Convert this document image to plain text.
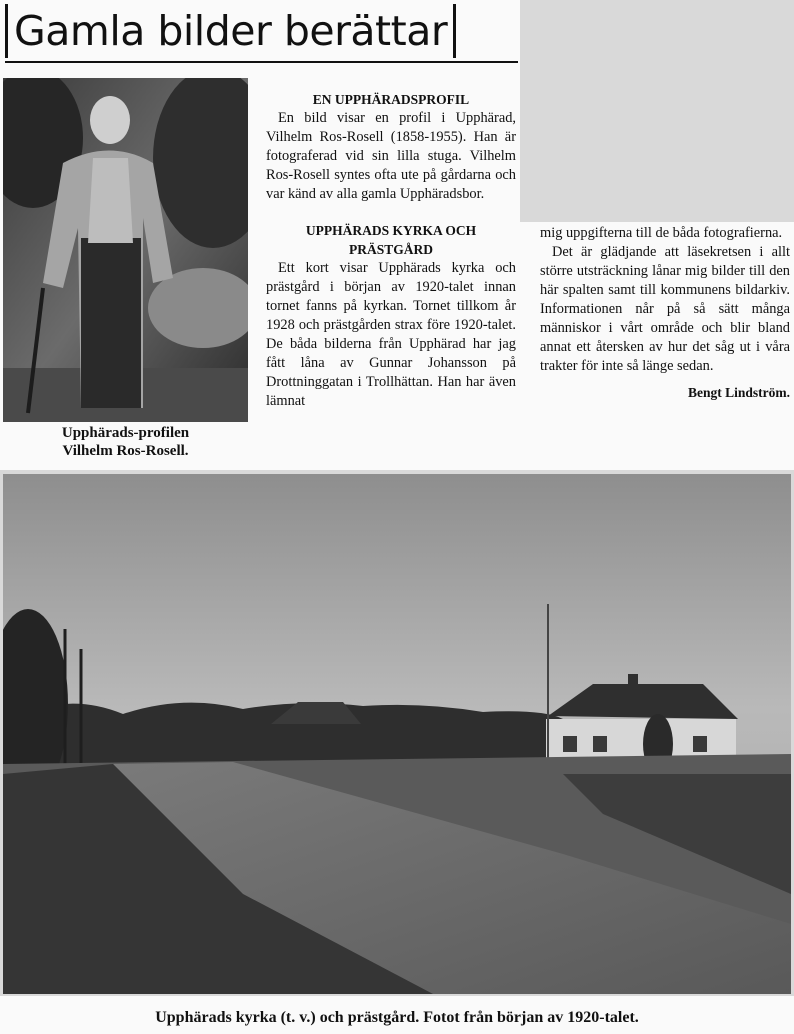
Gamla bilder berättar
Upphärads-profilen
Vilhelm Ros-Rosell.

EN UPPHÄRADSPROFIL

En bild visar en profil i Upphärad, Vilhelm Ros-Rosell (1858-1955). Han är fotograferad vid sin lilla stuga. Vilhelm Ros-Rosell syntes ofta ute på gårdarna och var känd av alla gamla Upphäradsbor.

UPPHÄRADS KYRKA OCH PRÄSTGÅRD

Ett kort visar Upphärads kyrka och prästgård i början av 1920-talet innan tornet fanns på kyrkan. Tornet tillkom år 1928 och prästgården strax före 1920-talet. De båda bilderna från Upphärad har jag fått låna av Gunnar Johansson på Drottninggatan i Trollhättan. Han har även lämnat

mig uppgifterna till de båda fotografierna.

Det är glädjande att läsekretsen i allt större utsträckning lånar mig bilder till den här spalten samt till kommunens bildarkiv. Informationen når på så sätt många människor i vårt område och blir bland annat ett återsken av hur det såg ut i våra trakter för inte så länge sedan.

Bengt Lindström.

Upphärads kyrka (t. v.) och prästgård. Fotot från början av 1920-talet.
